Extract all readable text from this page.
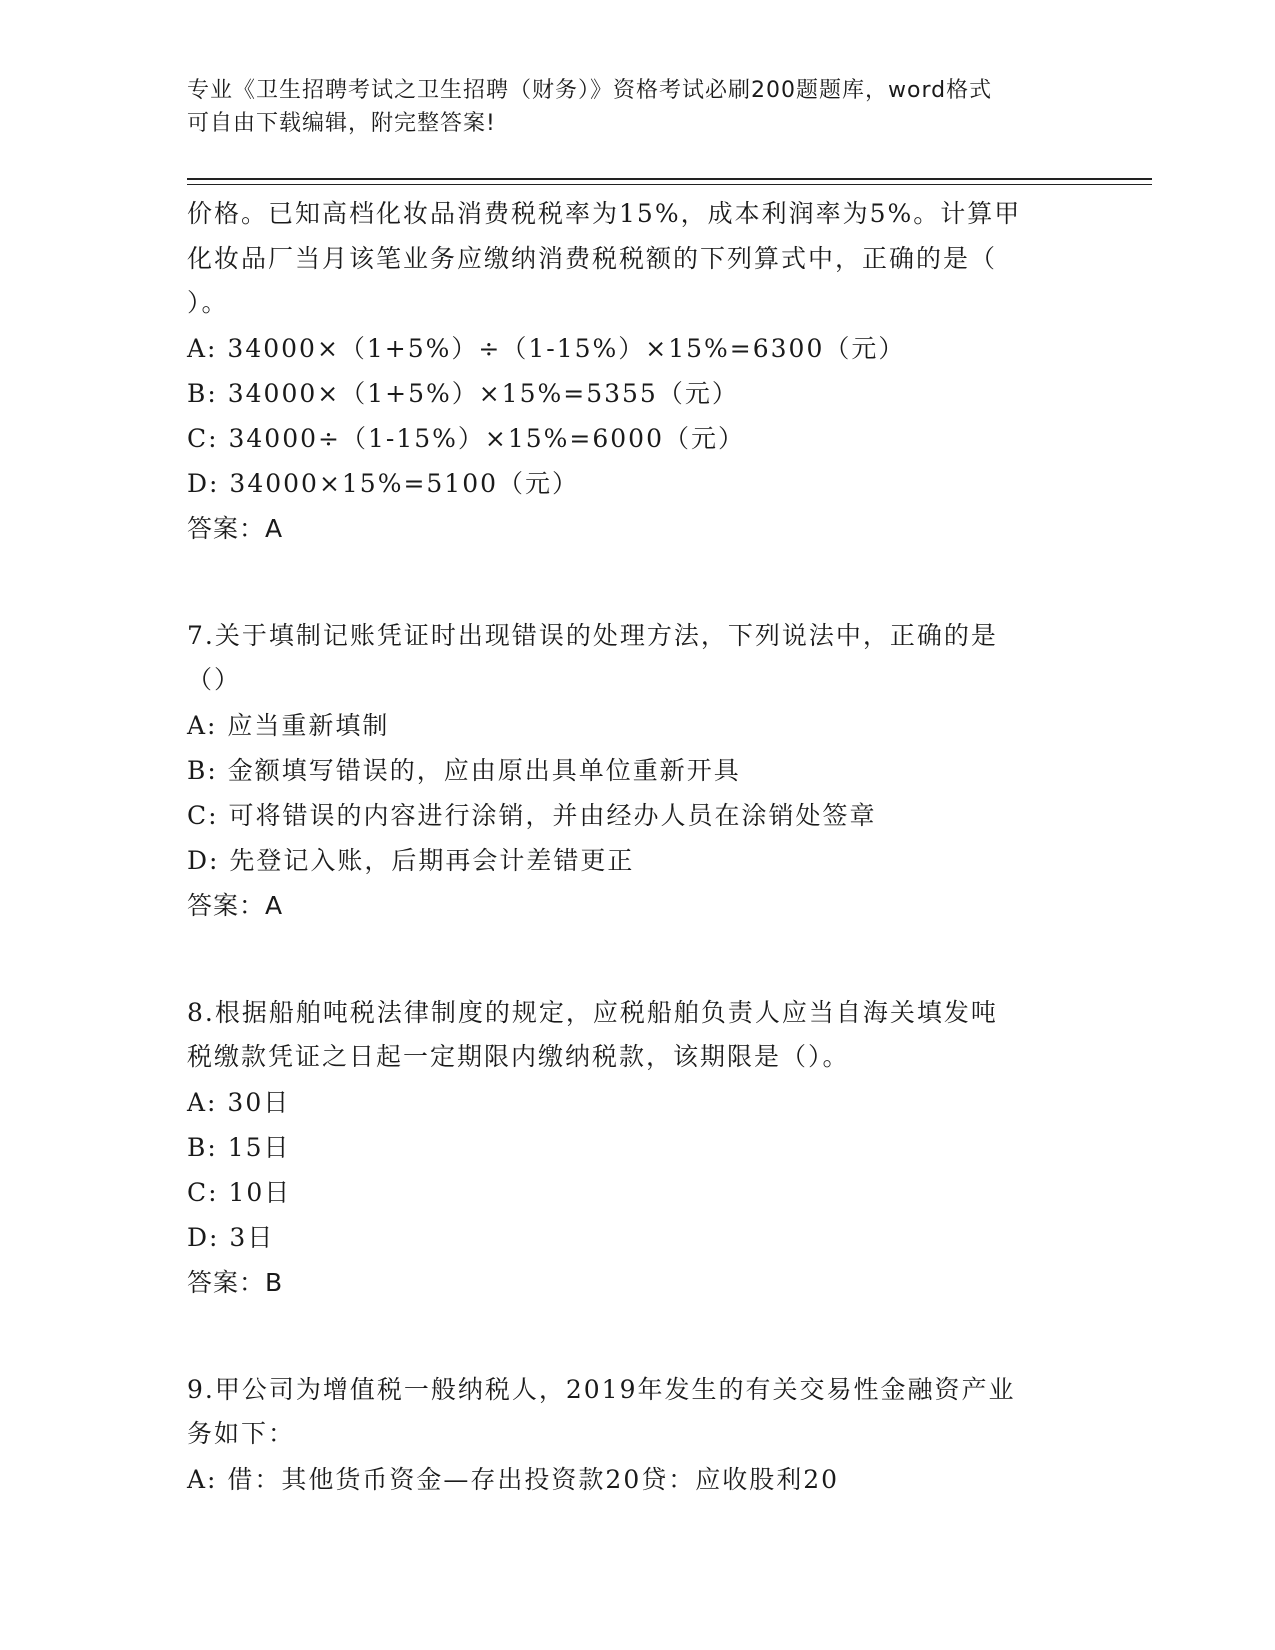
专业《卫生招聘考试之卫生招聘（财务）》资格考试必刷200题题库，word格式
可自由下载编辑，附完整答案!
价格。已知高档化妆品消费税税率为15%，成本利润率为5%。计算甲
化妆品厂当月该笔业务应缴纳消费税税额的下列算式中，正确的是（
）。
A: 34000×（1+5%）÷（1-15%）×15%=6300（元）
B: 34000×（1+5%）×15%=5355（元）
C: 34000÷（1-15%）×15%=6000（元）
D: 34000×15%=5100（元）
答案：A
7.关于填制记账凭证时出现错误的处理方法，下列说法中，正确的是
（）
A: 应当重新填制
B: 金额填写错误的，应由原出具单位重新开具
C: 可将错误的内容进行涂销，并由经办人员在涂销处签章
D: 先登记入账，后期再会计差错更正
答案：A
8.根据船舶吨税法律制度的规定，应税船舶负责人应当自海关填发吨
税缴款凭证之日起一定期限内缴纳税款，该期限是（）。
A: 30日
B: 15日
C: 10日
D: 3日
答案：B
9.甲公司为增值税一般纳税人，2019年发生的有关交易性金融资产业
务如下：
A: 借：其他货币资金—存出投资款20贷：应收股利20
